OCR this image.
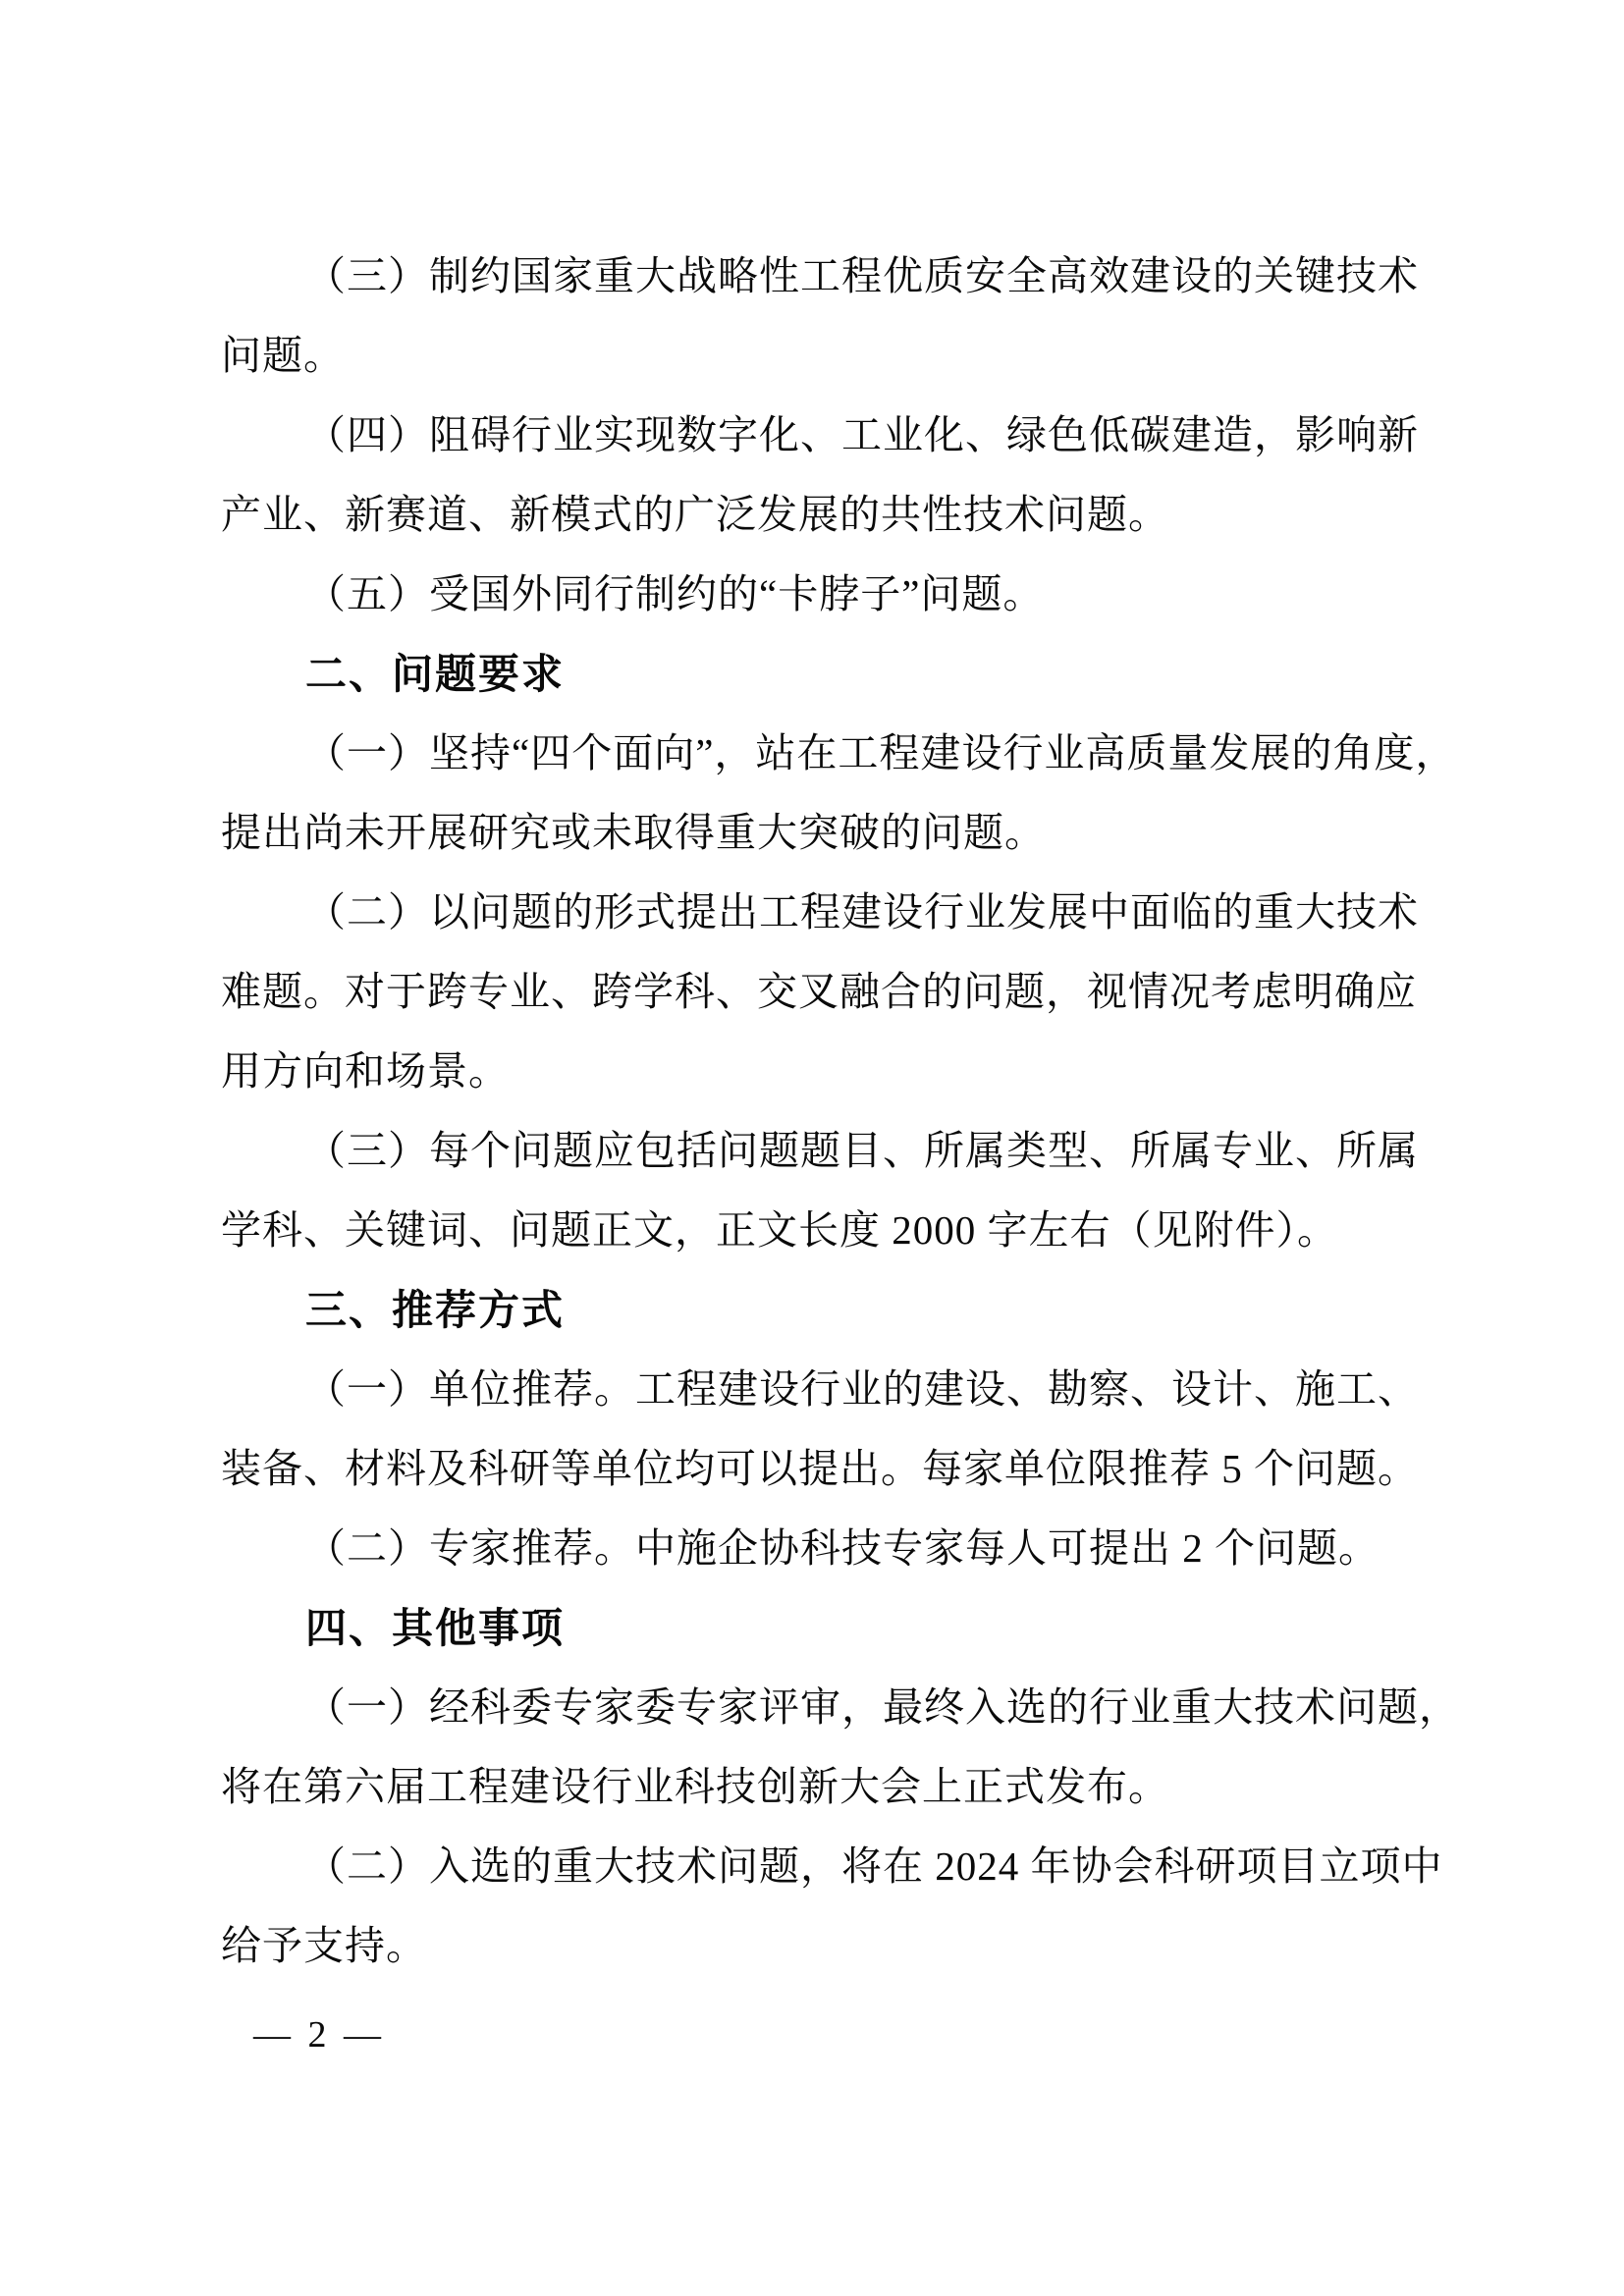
（三）制约国家重大战略性工程优质安全高效建设的关键技术
问题。
（四）阻碍行业实现数字化、工业化、绿色低碳建造，影响新
产业、新赛道、新模式的广泛发展的共性技术问题。
（五）受国外同行制约的“卡脖子”问题。
二、问题要求
（一）坚持“四个面向”，站在工程建设行业高质量发展的角度，
提出尚未开展研究或未取得重大突破的问题。
（二）以问题的形式提出工程建设行业发展中面临的重大技术
难题。对于跨专业、跨学科、交叉融合的问题，视情况考虑明确应
用方向和场景。
（三）每个问题应包括问题题目、所属类型、所属专业、所属
学科、关键词、问题正文，正文长度 2000 字左右（见附件）。
三、推荐方式
（一）单位推荐。工程建设行业的建设、勘察、设计、施工、
装备、材料及科研等单位均可以提出。每家单位限推荐 5 个问题。
（二）专家推荐。中施企协科技专家每人可提出 2 个问题。
四、其他事项
（一）经科委专家委专家评审，最终入选的行业重大技术问题，
将在第六届工程建设行业科技创新大会上正式发布。
（二）入选的重大技术问题，将在 2024 年协会科研项目立项中
给予支持。
— 2 —
